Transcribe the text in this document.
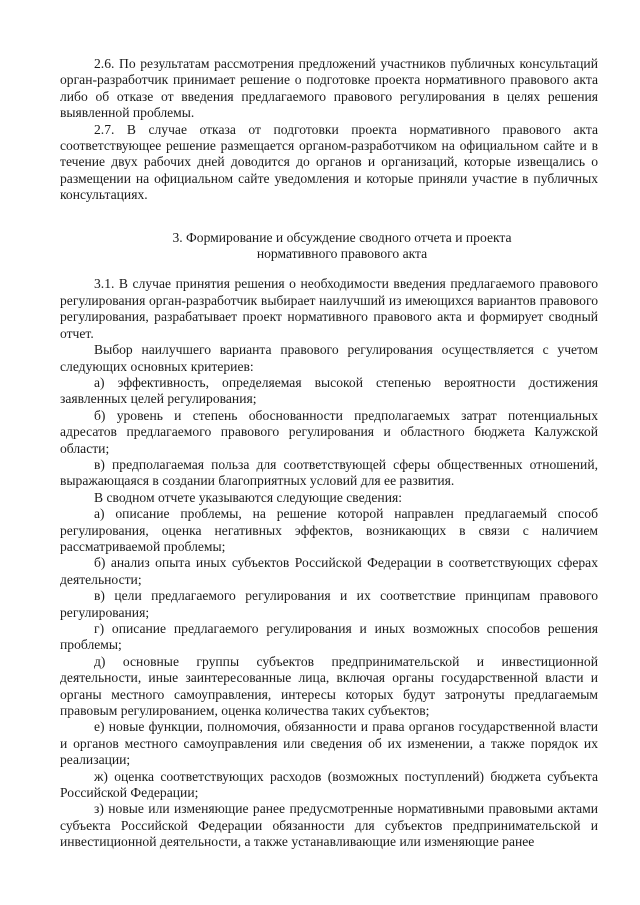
2.6. По результатам рассмотрения предложений участников публичных консультаций орган-разработчик принимает решение о подготовке проекта нормативного правового акта либо об отказе от введения предлагаемого правового регулирования в целях решения выявленной проблемы.

2.7. В случае отказа от подготовки проекта нормативного правового акта соответствующее решение размещается органом-разработчиком на официальном сайте и в течение двух рабочих дней доводится до органов и организаций, которые извещались о размещении на официальном сайте уведомления и которые приняли участие в публичных консультациях.

3. Формирование и обсуждение сводного отчета и проекта
нормативного правового акта

3.1. В случае принятия решения о необходимости введения предлагаемого правового регулирования орган-разработчик выбирает наилучший из имеющихся вариантов правового регулирования, разрабатывает проект нормативного правового акта и формирует сводный отчет.

Выбор наилучшего варианта правового регулирования осуществляется с учетом следующих основных критериев:

а) эффективность, определяемая высокой степенью вероятности достижения заявленных целей регулирования;

б) уровень и степень обоснованности предполагаемых затрат потенциальных адресатов предлагаемого правового регулирования и областного бюджета Калужской области;

в) предполагаемая польза для соответствующей сферы общественных отношений, выражающаяся в создании благоприятных условий для ее развития.

В сводном отчете указываются следующие сведения:

а) описание проблемы, на решение которой направлен предлагаемый способ регулирования, оценка негативных эффектов, возникающих в связи с наличием рассматриваемой проблемы;

б) анализ опыта иных субъектов Российской Федерации в соответствующих сферах деятельности;

в) цели предлагаемого регулирования и их соответствие принципам правового регулирования;

г) описание предлагаемого регулирования и иных возможных способов решения проблемы;

д) основные группы субъектов предпринимательской и инвестиционной деятельности, иные заинтересованные лица, включая органы государственной власти и органы местного самоуправления, интересы которых будут затронуты предлагаемым правовым регулированием, оценка количества таких субъектов;

е) новые функции, полномочия, обязанности и права органов государственной власти и органов местного самоуправления или сведения об их изменении, а также порядок их реализации;

ж) оценка соответствующих расходов (возможных поступлений) бюджета субъекта Российской Федерации;

з) новые или изменяющие ранее предусмотренные нормативными правовыми актами субъекта Российской Федерации обязанности для субъектов предпринимательской и инвестиционной деятельности, а также устанавливающие или изменяющие ранее
